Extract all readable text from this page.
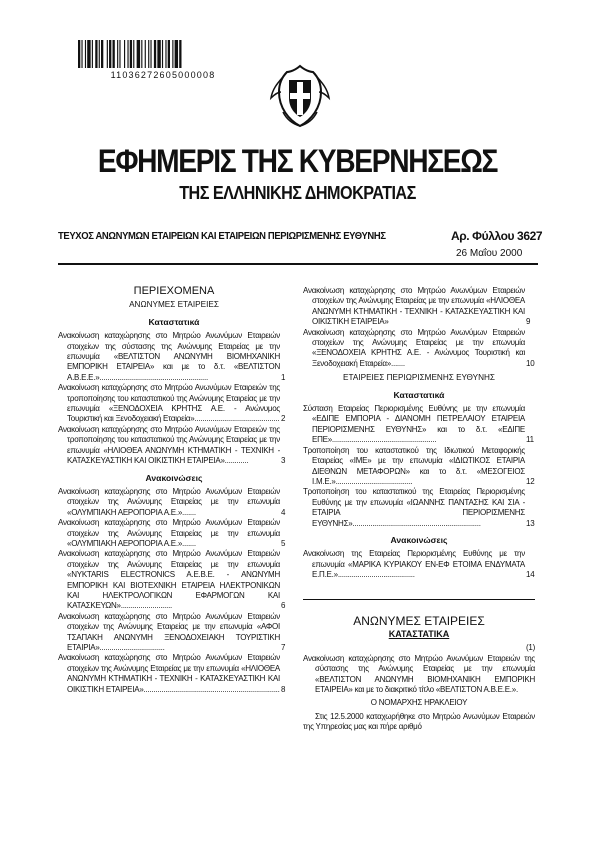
11036272605000008
ΕΦΗΜΕΡΙΣ ΤΗΣ ΚΥΒΕΡΝΗΣΕΩΣ
ΤΗΣ ΕΛΛΗΝΙΚΗΣ ΔΗΜΟΚΡΑΤΙΑΣ
ΤΕΥΧΟΣ ΑΝΩΝΥΜΩΝ ΕΤΑΙΡΕΙΩΝ ΚΑΙ ΕΤΑΙΡΕΙΩΝ ΠΕΡΙΩΡΙΣΜΕΝΗΣ ΕΥΘΥΝΗΣ	Αρ. Φύλλου 3627
26 Μαΐου 2000
ΠΕΡΙΕΧΟΜΕΝΑ
ΑΝΩΝΥΜΕΣ ΕΤΑΙΡΕΙΕΣ
Καταστατικά
Ανακοίνωση καταχώρησης στο Μητρώο Ανωνύμων Εταιρειών στοιχείων της σύστασης της Ανώνυμης Εταιρείας με την επωνυμία «ΒΕΛΤΙΣΤΟΝ ΑΝΩΝΥΜΗ ΒΙΟΜΗΧΑΝΙΚΗ ΕΜΠΟΡΙΚΗ ΕΤΑΙΡΕΙΑ» και με το δ.τ. «ΒΕΛΤΙΣΤΟΝ Α.Β.Ε.Ε.».......................................................	1
Ανακοίνωση καταχώρησης στο Μητρώο Ανωνύμων Εταιρειών της τροποποίησης του καταστατικού της Ανώνυμης Εταιρείας με την επωνυμία «ΞΕΝΟΔΟΧΕΙΑ ΚΡΗΤΗΣ Α.Ε. - Ανώνυμος Τουριστική και Ξενοδοχειακή Εταιρεία»........................................... 2
Ανακοίνωση καταχώρησης στο Μητρώο Ανωνύμων Εταιρειών της τροποποίησης του καταστατικού της Ανώνυμης Εταιρείας με την επωνυμία «ΗΛΙΟΘΕΑ ΑΝΩΝΥΜΗ ΚΤΗΜΑΤΙΚΗ - ΤΕΧΝΙΚΗ - ΚΑΤΑΣΚΕΥΑΣΤΙΚΗ ΚΑΙ ΟΙΚΙΣΤΙΚΗ ΕΤΑΙΡΕΙΑ»............	3
Ανακοινώσεις
Ανακοίνωση καταχώρησης στο Μητρώο Ανωνύμων Εταιρειών στοιχείων της Ανώνυμης Εταιρείας με την επωνυμία «ΟΛΥΜΠΙΑΚΗ ΑΕΡΟΠΟΡΙΑ Α.Ε.».......	4
Ανακοίνωση καταχώρησης στο Μητρώο Ανωνύμων Εταιρειών στοιχείων της Ανώνυμης Εταιρείας με την επωνυμία «ΟΛΥΜΠΙΑΚΗ ΑΕΡΟΠΟΡΙΑ Α.Ε.».......	5
Ανακοίνωση καταχώρησης στο Μητρώο Ανωνύμων Εταιρειών στοιχείων της Ανώνυμης Εταιρείας με την επωνυμία «NYKTARIS ELECTRONICS A.E.B.E. - ΑΝΩΝΥΜΗ ΕΜΠΟΡΙΚΗ ΚΑΙ ΒΙΟΤΕΧΝΙΚΗ ΕΤΑΙΡΕΙΑ ΗΛΕΚΤΡΟΝΙΚΩΝ ΚΑΙ ΗΛΕΚΤΡΟΛΟΓΙΚΩΝ ΕΦΑΡΜΟΓΩΝ ΚΑΙ ΚΑΤΑΣΚΕΥΩΝ»..........................	6
Ανακοίνωση καταχώρησης στο Μητρώο Ανωνύμων Εταιρειών στοιχείων της Ανώνυμης Εταιρείας με την επωνυμία «ΑΦΟΙ ΤΣΑΠΑΚΗ ΑΝΩΝΥΜΗ ΞΕΝΟΔΟΧΕΙΑΚΗ ΤΟΥΡΙΣΤΙΚΗ ΕΤΑΙΡΙΑ».................................	7
Ανακοίνωση καταχώρησης στο Μητρώο Ανωνύμων Εταιρειών στοιχείων της Ανώνυμης Εταιρείας με την επωνυμία «ΗΛΙΟΘΕΑ ΑΝΩΝΥΜΗ ΚΤΗΜΑΤΙΚΗ - ΤΕΧΝΙΚΗ - ΚΑΤΑΣΚΕΥΑΣΤΙΚΗ ΚΑΙ ΟΙΚΙΣΤΙΚΗ ΕΤΑΙΡΕΙΑ»..................................................................... 8
Ανακοίνωση καταχώρησης στο Μητρώο Ανωνύμων Εταιρειών στοιχείων της Ανώνυμης Εταιρείας με την επωνυμία «ΗΛΙΟΘΕΑ ΑΝΩΝΥΜΗ ΚΤΗΜΑΤΙΚΗ - ΤΕΧΝΙΚΗ - ΚΑΤΑΣΚΕΥΑΣΤΙΚΗ ΚΑΙ ΟΙΚΙΣΤΙΚΗ ΕΤΑΙΡΕΙΑ»	9
Ανακοίνωση καταχώρησης στο Μητρώο Ανωνύμων Εταιρειών στοιχείων της Ανώνυμης Εταιρείας με την επωνυμία «ΞΕΝΟΔΟΧΕΙΑ ΚΡΗΤΗΣ Α.Ε. - Ανώνυμος Τουριστική και Ξενοδοχειακή Εταιρεία».......	10
ΕΤΑΙΡΕΙΕΣ ΠΕΡΙΩΡΙΣΜΕΝΗΣ ΕΥΘΥΝΗΣ
Καταστατικά
Σύσταση Εταιρείας Περιορισμένης Ευθύνης με την επωνυμία «ΕΔΙΠΕ ΕΜΠΟΡΙΑ - ΔΙΑΝΟΜΗ ΠΕΤΡΕΛΑΙΟΥ ΕΤΑΙΡΕΙΑ ΠΕΡΙΟΡΙΣΜΕΝΗΣ ΕΥΘΥΝΗΣ» και το δ.τ. «ΕΔΙΠΕ ΕΠΕ».....................................................	11
Τροποποίηση του καταστατικού της Ιδιωτικού Μεταφορικής Εταιρείας «ΙΜΕ» με την επωνυμία «ΙΔΙΩΤΙΚΟΣ ΕΤΑΙΡΙΑ ΔΙΕΘΝΩΝ ΜΕΤΑΦΟΡΩΝ» και το δ.τ. «ΜΕΣΟΓΕΙΟΣ Ι.Μ.Ε.».......................................	12
Τροποποίηση του καταστατικού της Εταιρείας Περιορισμένης Ευθύνης με την επωνυμία «ΙΩΑΝΝΗΣ ΠΑΝΤΑΣΗΣ ΚΑΙ ΣΙΑ - ΕΤΑΙΡΙΑ ΠΕΡΙΟΡΙΣΜΕΝΗΣ ΕΥΘΥΝΗΣ».................................................................	13
Ανακοινώσεις
Ανακοίνωση της Εταιρείας Περιορισμένης Ευθύνης με την επωνυμία «ΜΑΡΙΚΑ ΚΥΡΙΑΚΟΥ ΕΝ-ΕΦ ΕΤΟΙΜΑ ΕΝΔΥΜΑΤΑ Ε.Π.Ε.».......................................	14
ΑΝΩΝΥΜΕΣ ΕΤΑΙΡΕΙΕΣ
ΚΑΤΑΣΤΑΤΙΚΑ
(1)
Ανακοίνωση καταχώρησης στο Μητρώο Ανωνύμων Εταιρειών της σύστασης της Ανώνυμης Εταιρείας με την επωνυμία «ΒΕΛΤΙΣΤΟΝ ΑΝΩΝΥΜΗ ΒΙΟΜΗΧΑΝΙΚΗ ΕΜΠΟΡΙΚΗ ΕΤΑΙΡΕΙΑ» και με το διακριτικό τίτλο «ΒΕΛΤΙΣΤΟΝ Α.Β.Ε.Ε.».
Ο ΝΟΜΑΡΧΗΣ ΗΡΑΚΛΕΙΟΥ
Στις 12.5.2000 καταχωρήθηκε στο Μητρώο Ανωνύμων Εταιρειών της Υπηρεσίας μας και πήρε αριθμό
